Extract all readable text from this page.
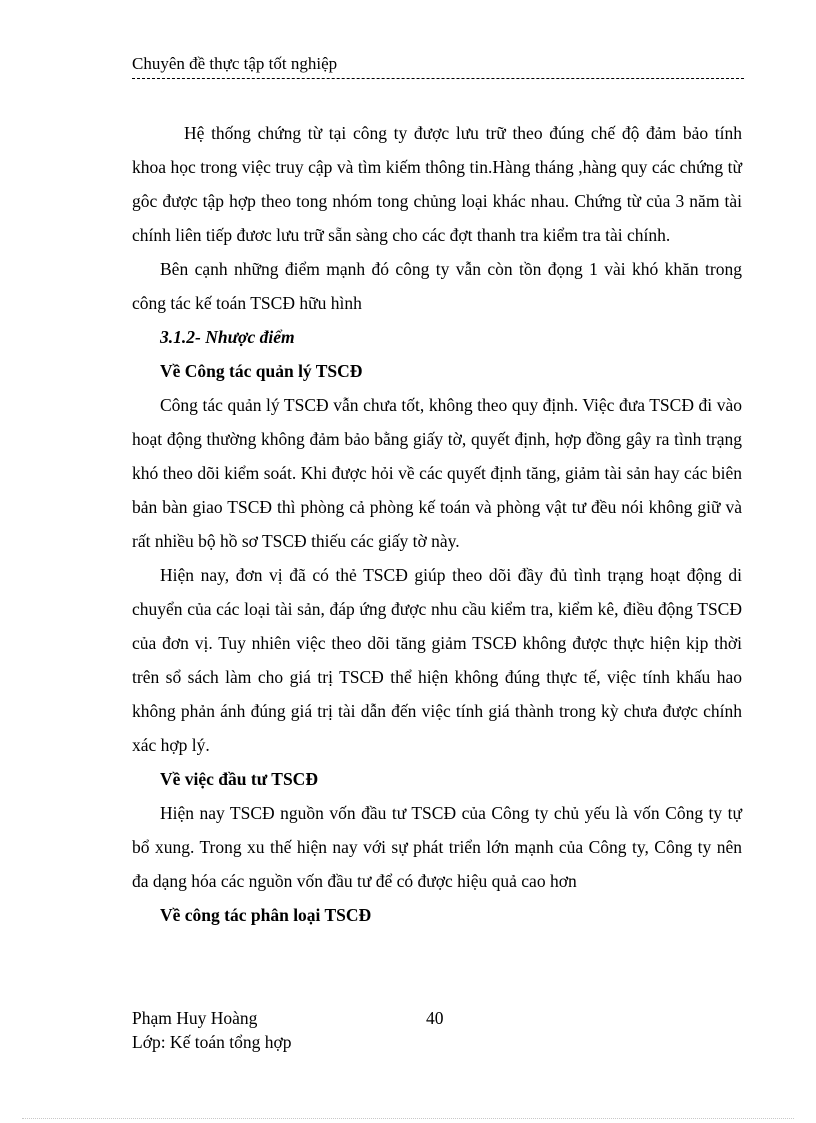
Chuyên đề thực tập tốt nghiệp

Hệ thống chứng từ tại công ty được lưu trữ theo đúng chế độ đảm bảo tính khoa học trong việc truy cập và tìm kiếm thông tin.Hàng tháng ,hàng quy các chứng từ gôc được tập hợp theo tong nhóm tong chủng loại khác nhau. Chứng từ của 3 năm tài chính liên tiếp đươc lưu trữ sẵn sàng cho các đợt thanh tra kiểm tra tài chính.

Bên cạnh những điểm mạnh đó công ty vẫn còn tồn đọng 1 vài khó khăn trong công tác kế toán TSCĐ hữu hình

3.1.2- Nhược điểm

Về Công tác quản lý TSCĐ

Công tác quản lý TSCĐ vẫn chưa tốt, không theo quy định. Việc đưa TSCĐ đi vào hoạt động thường không đảm bảo bằng giấy tờ, quyết định, hợp đồng gây ra tình trạng khó theo dõi kiểm soát. Khi được hỏi về các quyết định tăng, giảm tài sản hay các biên bản bàn giao TSCĐ thì phòng cả phòng kế toán và phòng vật tư đều nói không giữ và rất nhiều bộ hồ sơ TSCĐ thiếu các giấy tờ này.

Hiện nay, đơn vị đã có thẻ TSCĐ giúp theo dõi đầy đủ tình trạng hoạt động di chuyển của các loại tài sản, đáp ứng được nhu cầu kiểm tra, kiểm kê, điều động TSCĐ của đơn vị. Tuy nhiên việc theo dõi tăng giảm TSCĐ không được thực hiện kịp thời trên sổ sách làm cho giá trị TSCĐ thể hiện không đúng thực tế, việc tính khấu hao không phản ánh đúng giá trị tài dẫn đến việc tính giá thành trong kỳ chưa được chính xác hợp lý.

Về việc đầu tư TSCĐ

Hiện nay TSCĐ nguồn vốn đầu tư TSCĐ của Công ty chủ yếu là vốn Công ty tự bổ xung. Trong xu thế hiện nay với sự phát triển lớn mạnh của Công ty, Công ty nên đa dạng hóa các nguồn vốn đầu tư để có được hiệu quả cao hơn

Về công tác phân loại TSCĐ

Phạm Huy Hoàng	40
Lớp: Kế toán tổng hợp
